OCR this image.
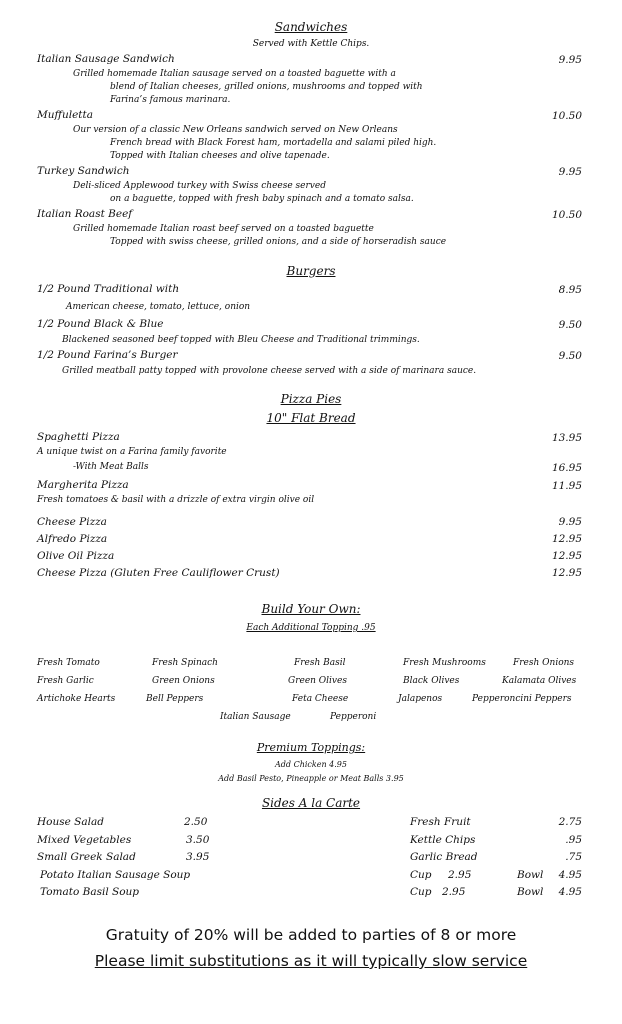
Sandwiches
Served with Kettle Chips.
Italian Sausage Sandwich	9.95
Grilled homemade Italian sausage served on a toasted baguette with a
blend of Italian cheeses, grilled onions, mushrooms and topped with
Farina’s famous marinara.
Muffuletta	10.50
Our version of a classic New Orleans sandwich served on New Orleans
French bread with Black Forest ham, mortadella and salami piled high.
Topped with Italian cheeses and olive tapenade.
Turkey Sandwich	9.95
Deli-sliced Applewood turkey with Swiss cheese served
on a baguette, topped with fresh baby spinach and a tomato salsa.
Italian Roast Beef	10.50
Grilled homemade Italian roast beef served on a toasted baguette
Topped with swiss cheese, grilled onions, and a side of horseradish sauce
Burgers
1/2 Pound Traditional with	8.95
American cheese, tomato, lettuce, onion
1/2 Pound Black & Blue	9.50
Blackened seasoned beef topped with Bleu Cheese and Traditional trimmings.
1/2 Pound Farina’s Burger	9.50
Grilled meatball patty topped with provolone cheese served with a side of marinara sauce.
Pizza Pies
10" Flat Bread
Spaghetti Pizza	13.95
A unique twist on a Farina family favorite
-With Meat Balls	16.95
Margherita Pizza	11.95
Fresh tomatoes & basil with a drizzle of extra virgin olive oil
Cheese Pizza	9.95
Alfredo Pizza	12.95
Olive Oil Pizza	12.95
Cheese Pizza (Gluten Free Cauliflower Crust)	12.95
Build Your Own:
Each Additional Topping .95
Fresh Tomato	Fresh Spinach	Fresh Basil	Fresh Mushrooms	Fresh Onions
Fresh Garlic	Green Onions	Green Olives	Black Olives	Kalamata Olives
Artichoke Hearts	Bell Peppers	Feta Cheese	Jalapenos	Pepperoncini Peppers
Italian Sausage	Pepperoni
Premium Toppings:
Add Chicken 4.95
Add Basil Pesto, Pineapple or Meat Balls 3.95
Sides A la Carte
House Salad	2.50
Mixed Vegetables	3.50
Small Greek Salad	3.95
Fresh Fruit	2.75
Kettle Chips	.95
Garlic Bread	.75
Potato Italian Sausage Soup	Cup 2.95	Bowl 4.95
Tomato Basil Soup	Cup 2.95	Bowl 4.95
Gratuity of 20% will be added to parties of 8 or more
Please limit substitutions as it will typically slow service
